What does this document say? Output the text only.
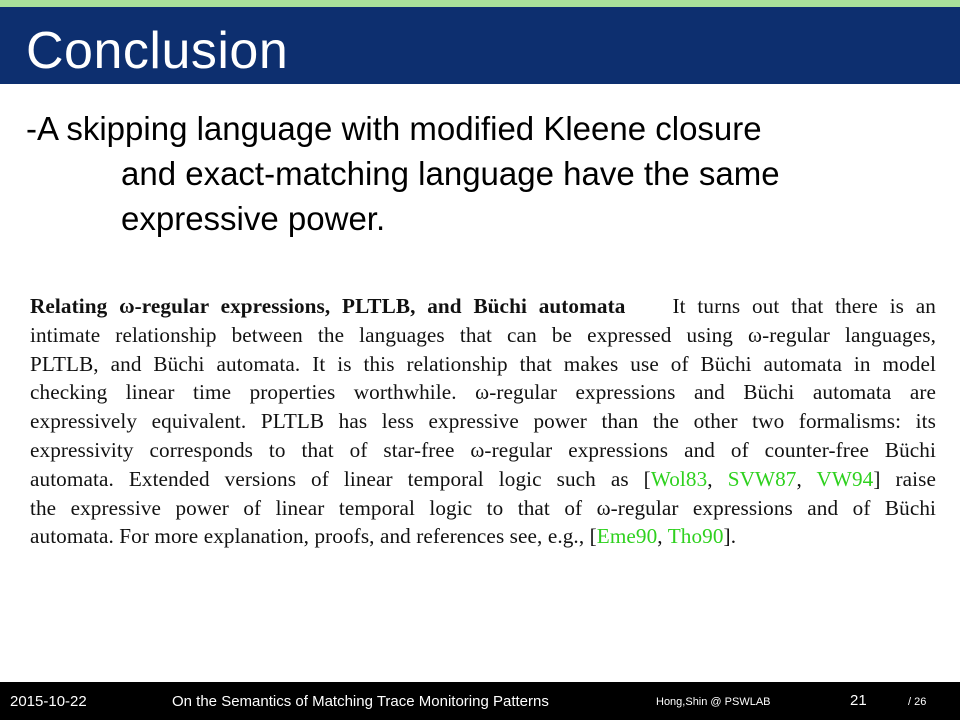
Conclusion
-A skipping language with modified Kleene closure
and exact-matching language have the same
expressive power.
Relating ω-regular expressions, PLTLB, and Büchi automata It turns out that there is an
intimate relationship between the languages that can be expressed using ω-regular languages,
PLTLB, and Büchi automata. It is this relationship that makes use of Büchi automata in model
checking linear time properties worthwhile. ω-regular expressions and Büchi automata are
expressively equivalent. PLTLB has less expressive power than the other two formalisms: its
expressivity corresponds to that of star-free ω-regular expressions and of counter-free Büchi
automata. Extended versions of linear temporal logic such as [Wol83, SVW87, VW94] raise
the expressive power of linear temporal logic to that of ω-regular expressions and of Büchi
automata. For more explanation, proofs, and references see, e.g., [Eme90, Tho90].
2015-10-22	On the Semantics of Matching Trace Monitoring Patterns	Hong,Shin @ PSWLAB	21	/ 26
